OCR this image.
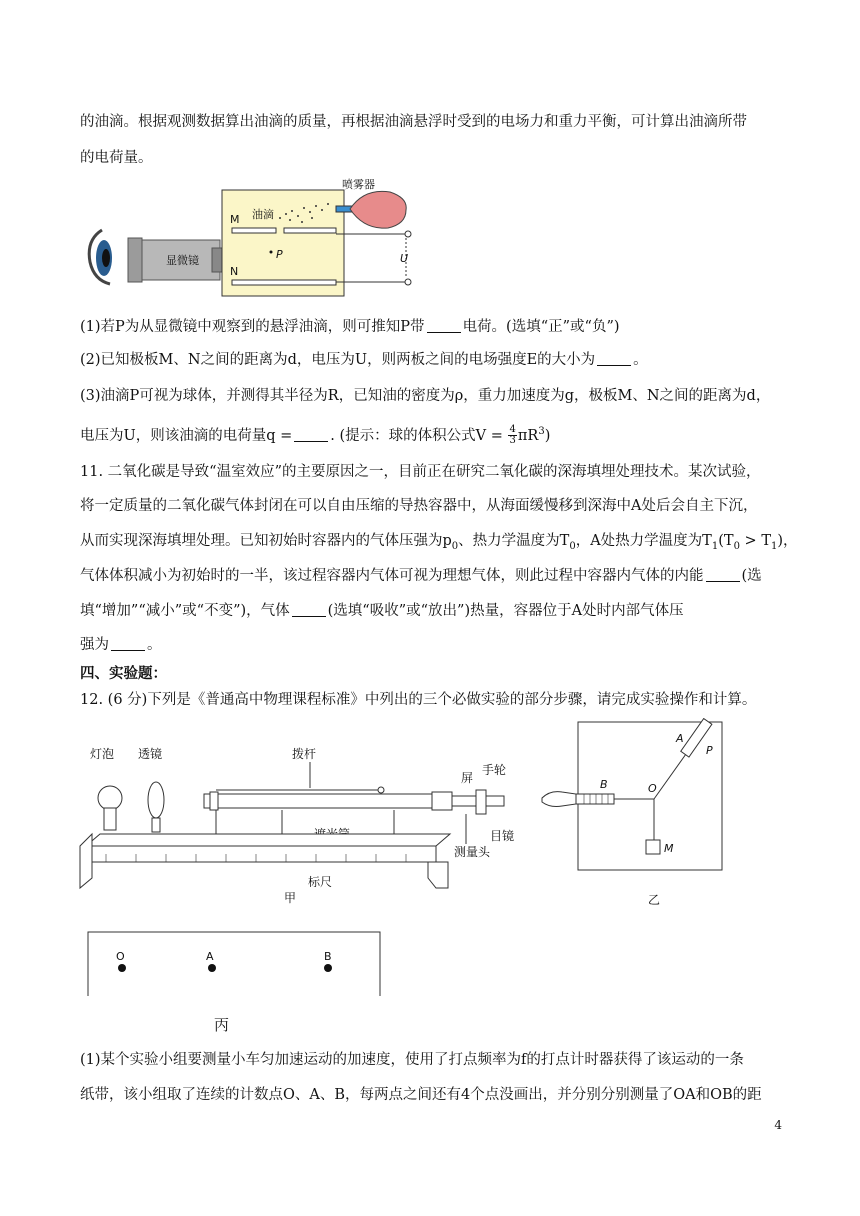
的油滴。根据观测数据算出油滴的质量，再根据油滴悬浮时受到的电场力和重力平衡，可计算出油滴所带
的电荷量。
显微镜
M
N
油滴
P
喷雾器
U
(1)若P为从显微镜中观察到的悬浮油滴，则可推知P带	电荷。(选填“正”或“负”)
(2)已知极板M、N之间的距离为d，电压为U，则两板之间的电场强度E的大小为	。
(3)油滴P可视为球体，并测得其半径为R，已知油的密度为ρ，重力加速度为g，极板M、N之间的距离为d，
电压为U，则该油滴的电荷量q =	. (提示：球的体积公式$V = \frac{4}{3} \pi R^3$)
11. 二氧化碳是导致“温室效应”的主要原因之一，目前正在研究二氧化碳的深海填埋处理技术。某次试验，
将一定质量的二氧化碳气体封闭在可以自由压缩的导热容器中，从海面缓慢移到深海中A处后会自主下沉，
从而实现深海填埋处理。已知初始时容器内的气体压强为$p_0$、热力学温度为$T_0$，A处热力学温度为$T_1(T_0 > T_1)$，
气体体积减小为初始时的一半，该过程容器内气体可视为理想气体，则此过程中容器内气体的内能	(选
填“增加”“减小”或“不变”)，气体	(选填“吸收”或“放出”)热量，容器位于A处时内部气体压
强为	。
四、实验题：
12. (6 分)下列是《普通高中物理课程标准》中列出的三个必做实验的部分步骤，请完成实验操作和计算。
灯泡 透镜	拨杆
屏
手轮
目镜
测量头
标尺
甲
A
P
B	O
M
乙
O	A	B
丙
(1)某个实验小组要测量小车匀加速运动的加速度，使用了打点频率为f的打点计时器获得了该运动的一条
纸带，该小组取了连续的计数点O、A、B，每两点之间还有4个点没画出，并分别分别测量了OA和OB的距
4
